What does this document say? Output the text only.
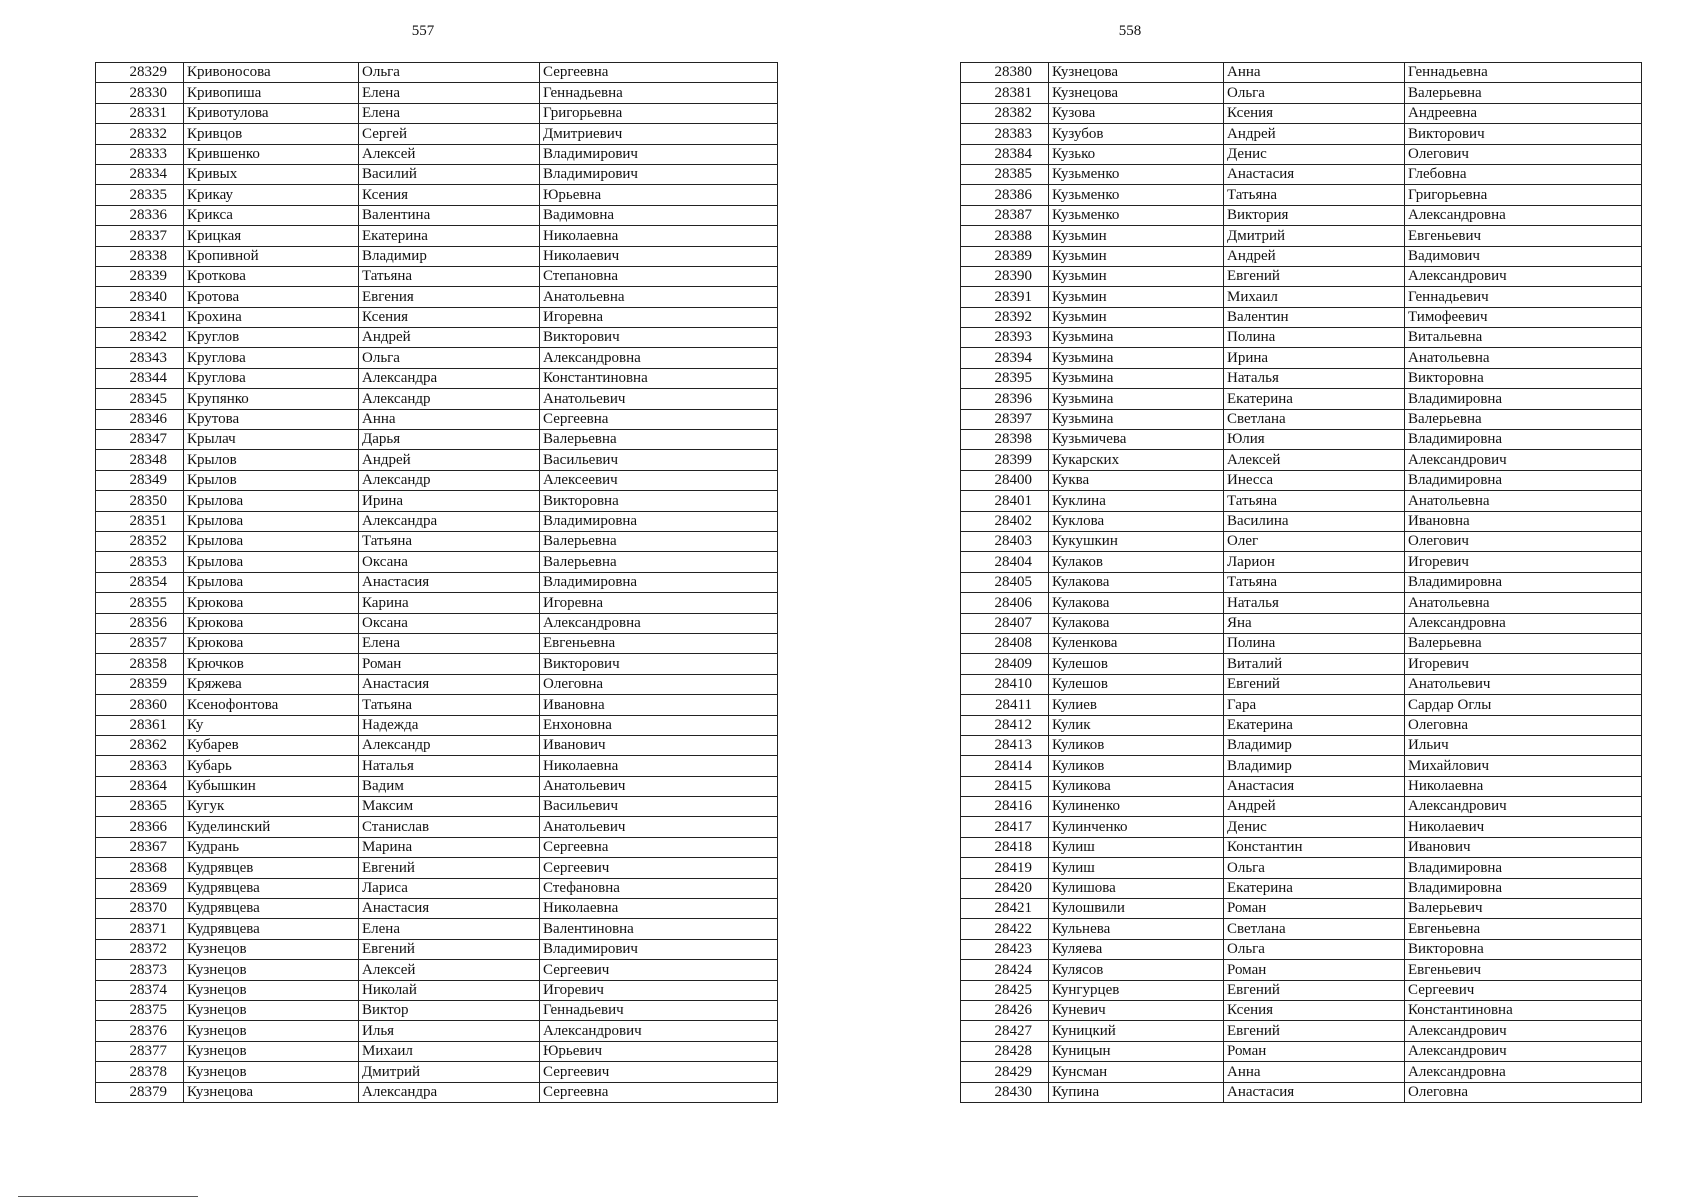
557
28329	Кривоносова	Ольга	Сергеевна
28330	Кривопиша	Елена	Геннадьевна
28331	Кривотулова	Елена	Григорьевна
28332	Кривцов	Сергей	Дмитриевич
28333	Крившенко	Алексей	Владимирович
28334	Кривых	Василий	Владимирович
28335	Крикау	Ксения	Юрьевна
28336	Крикса	Валентина	Вадимовна
28337	Крицкая	Екатерина	Николаевна
28338	Кропивной	Владимир	Николаевич
28339	Кроткова	Татьяна	Степановна
28340	Кротова	Евгения	Анатольевна
28341	Крохина	Ксения	Игоревна
28342	Круглов	Андрей	Викторович
28343	Круглова	Ольга	Александровна
28344	Круглова	Александра	Константиновна
28345	Крупянко	Александр	Анатольевич
28346	Крутова	Анна	Сергеевна
28347	Крылач	Дарья	Валерьевна
28348	Крылов	Андрей	Васильевич
28349	Крылов	Александр	Алексеевич
28350	Крылова	Ирина	Викторовна
28351	Крылова	Александра	Владимировна
28352	Крылова	Татьяна	Валерьевна
28353	Крылова	Оксана	Валерьевна
28354	Крылова	Анастасия	Владимировна
28355	Крюкова	Карина	Игоревна
28356	Крюкова	Оксана	Александровна
28357	Крюкова	Елена	Евгеньевна
28358	Крючков	Роман	Викторович
28359	Кряжева	Анастасия	Олеговна
28360	Ксенофонтова	Татьяна	Ивановна
28361	Ку	Надежда	Енхоновна
28362	Кубарев	Александр	Иванович
28363	Кубарь	Наталья	Николаевна
28364	Кубышкин	Вадим	Анатольевич
28365	Кугук	Максим	Васильевич
28366	Куделинский	Станислав	Анатольевич
28367	Кудрань	Марина	Сергеевна
28368	Кудрявцев	Евгений	Сергеевич
28369	Кудрявцева	Лариса	Стефановна
28370	Кудрявцева	Анастасия	Николаевна
28371	Кудрявцева	Елена	Валентиновна
28372	Кузнецов	Евгений	Владимирович
28373	Кузнецов	Алексей	Сергеевич
28374	Кузнецов	Николай	Игоревич
28375	Кузнецов	Виктор	Геннадьевич
28376	Кузнецов	Илья	Александрович
28377	Кузнецов	Михаил	Юрьевич
28378	Кузнецов	Дмитрий	Сергеевич
28379	Кузнецова	Александра	Сергеевна
558
28380	Кузнецова	Анна	Геннадьевна
28381	Кузнецова	Ольга	Валерьевна
28382	Кузова	Ксения	Андреевна
28383	Кузубов	Андрей	Викторович
28384	Кузько	Денис	Олегович
28385	Кузьменко	Анастасия	Глебовна
28386	Кузьменко	Татьяна	Григорьевна
28387	Кузьменко	Виктория	Александровна
28388	Кузьмин	Дмитрий	Евгеньевич
28389	Кузьмин	Андрей	Вадимович
28390	Кузьмин	Евгений	Александрович
28391	Кузьмин	Михаил	Геннадьевич
28392	Кузьмин	Валентин	Тимофеевич
28393	Кузьмина	Полина	Витальевна
28394	Кузьмина	Ирина	Анатольевна
28395	Кузьмина	Наталья	Викторовна
28396	Кузьмина	Екатерина	Владимировна
28397	Кузьмина	Светлана	Валерьевна
28398	Кузьмичева	Юлия	Владимировна
28399	Кукарских	Алексей	Александрович
28400	Куква	Инесса	Владимировна
28401	Куклина	Татьяна	Анатольевна
28402	Куклова	Василина	Ивановна
28403	Кукушкин	Олег	Олегович
28404	Кулаков	Ларион	Игоревич
28405	Кулакова	Татьяна	Владимировна
28406	Кулакова	Наталья	Анатольевна
28407	Кулакова	Яна	Александровна
28408	Куленкова	Полина	Валерьевна
28409	Кулешов	Виталий	Игоревич
28410	Кулешов	Евгений	Анатольевич
28411	Кулиев	Гара	Сардар Оглы
28412	Кулик	Екатерина	Олеговна
28413	Куликов	Владимир	Ильич
28414	Куликов	Владимир	Михайлович
28415	Куликова	Анастасия	Николаевна
28416	Кулиненко	Андрей	Александрович
28417	Кулинченко	Денис	Николаевич
28418	Кулиш	Константин	Иванович
28419	Кулиш	Ольга	Владимировна
28420	Кулишова	Екатерина	Владимировна
28421	Кулошвили	Роман	Валерьевич
28422	Кульнева	Светлана	Евгеньевна
28423	Куляева	Ольга	Викторовна
28424	Кулясов	Роман	Евгеньевич
28425	Кунгурцев	Евгений	Сергеевич
28426	Куневич	Ксения	Константиновна
28427	Куницкий	Евгений	Александрович
28428	Куницын	Роман	Александрович
28429	Кунсман	Анна	Александровна
28430	Купина	Анастасия	Олеговна
